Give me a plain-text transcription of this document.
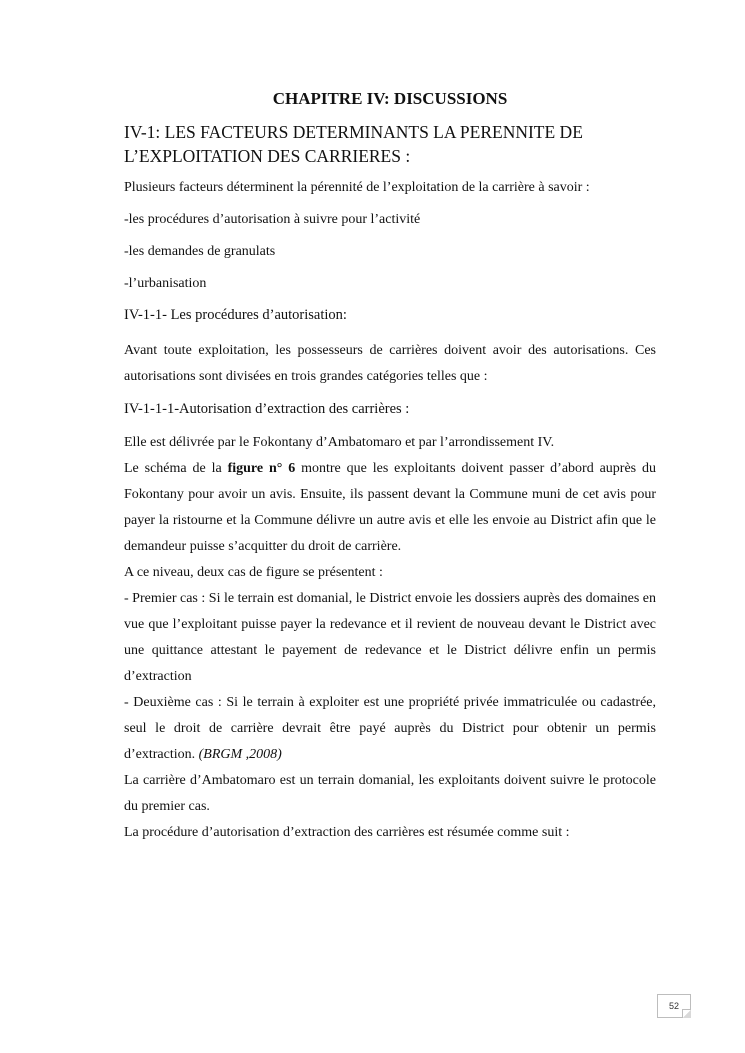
CHAPITRE IV: DISCUSSIONS
IV-1: LES FACTEURS DETERMINANTS LA PERENNITE DE L’EXPLOITATION DES CARRIERES :

Plusieurs facteurs déterminent la pérennité de l’exploitation de la carrière à savoir :

-les procédures d’autorisation à suivre pour l’activité

-les demandes de granulats

-l’urbanisation

IV-1-1- Les procédures d’autorisation:

Avant toute exploitation, les possesseurs de carrières doivent avoir des autorisations. Ces autorisations sont divisées en trois grandes catégories telles que :

IV-1-1-1-Autorisation d’extraction des carrières :

Elle est délivrée par le Fokontany d’Ambatomaro et par l’arrondissement IV.

Le schéma de la figure n° 6 montre que les exploitants doivent passer d’abord auprès du Fokontany pour avoir un avis. Ensuite, ils passent devant la Commune muni de cet avis pour payer la ristourne et la Commune délivre un autre avis et elle les envoie au District afin que le demandeur puisse s’acquitter du droit de carrière.

A ce niveau, deux cas de figure se présentent :

- Premier cas : Si le terrain est domanial, le District envoie les dossiers auprès des domaines en vue que l’exploitant puisse payer la redevance et il revient de nouveau devant le District avec une quittance attestant le payement de redevance et le District délivre enfin un permis d’extraction

- Deuxième cas : Si le terrain à exploiter est une propriété privée immatriculée ou cadastrée, seul le droit de carrière devrait être payé auprès du District pour obtenir un permis d’extraction. (BRGM ,2008)

La carrière d’Ambatomaro est un terrain domanial, les exploitants doivent suivre le protocole du premier cas.

La procédure d’autorisation d’extraction des carrières est résumée comme suit :

52
